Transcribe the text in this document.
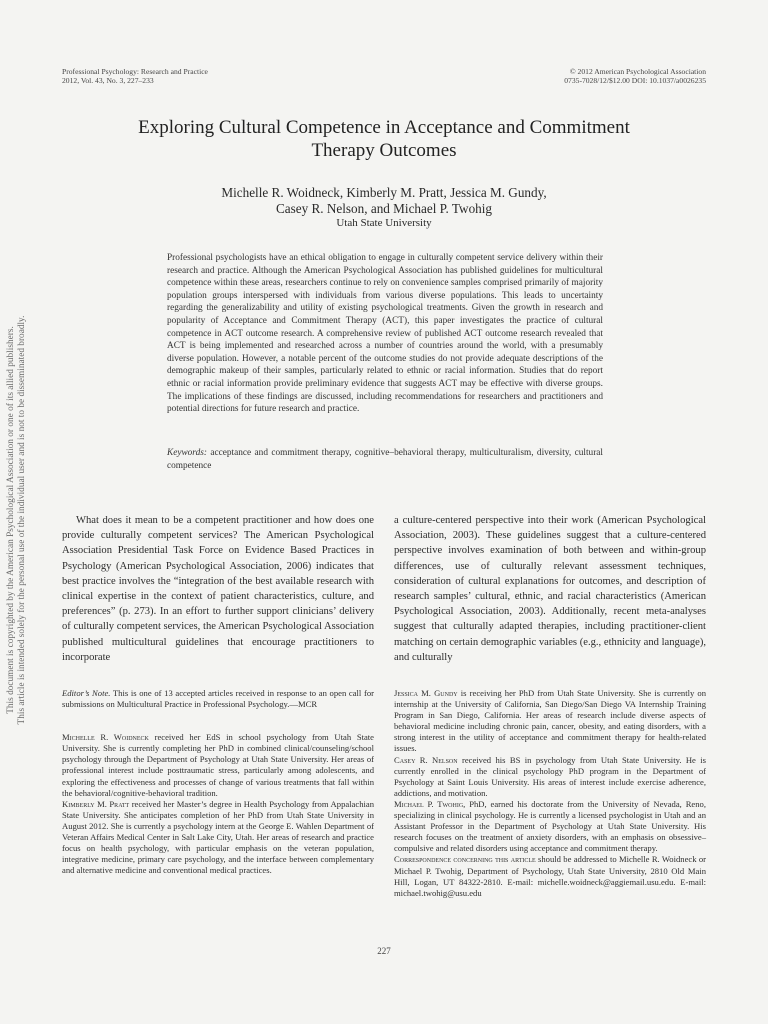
This document is copyrighted by the American Psychological Association or one of its allied publishers. This article is intended solely for the personal use of the individual user and is not to be disseminated broadly.
Professional Psychology: Research and Practice
2012, Vol. 43, No. 3, 227–233
© 2012 American Psychological Association
0735-7028/12/$12.00 DOI: 10.1037/a0026235
Exploring Cultural Competence in Acceptance and Commitment
Therapy Outcomes
Michelle R. Woidneck, Kimberly M. Pratt, Jessica M. Gundy,
Casey R. Nelson, and Michael P. Twohig
Utah State University
Professional psychologists have an ethical obligation to engage in culturally competent service delivery within their research and practice. Although the American Psychological Association has published guidelines for multicultural competence within these areas, researchers continue to rely on convenience samples comprised primarily of majority population groups interspersed with individuals from various diverse populations. This leads to uncertainty regarding the generalizability and utility of existing psychological treatments. Given the growth in research and popularity of Acceptance and Commitment Therapy (ACT), this paper investigates the practice of cultural competence in ACT outcome research. A comprehensive review of published ACT outcome research revealed that ACT is being implemented and researched across a number of countries around the world, with a presumably diverse population. However, a notable percent of the outcome studies do not provide adequate descriptions of the demographic makeup of their samples, particularly related to ethnic or racial information. Studies that do report ethnic or racial information provide preliminary evidence that suggests ACT may be effective with diverse groups. The implications of these findings are discussed, including recommendations for researchers and practitioners and potential directions for future research and practice.
Keywords: acceptance and commitment therapy, cognitive–behavioral therapy, multiculturalism, diversity, cultural competence
What does it mean to be a competent practitioner and how does one provide culturally competent services? The American Psychological Association Presidential Task Force on Evidence Based Practices in Psychology (American Psychological Association, 2006) indicates that best practice involves the “integration of the best available research with clinical expertise in the context of patient characteristics, culture, and preferences” (p. 273). In an effort to further support clinicians’ delivery of culturally competent services, the American Psychological Association published multicultural guidelines that encourage practitioners to incorporate
a culture-centered perspective into their work (American Psychological Association, 2003). These guidelines suggest that a culture-centered perspective involves examination of both between and within-group differences, use of culturally relevant assessment techniques, consideration of cultural explanations for outcomes, and description of research samples’ cultural, ethnic, and racial characteristics (American Psychological Association, 2003). Additionally, recent meta-analyses suggest that culturally adapted therapies, including practitioner-client matching on certain demographic variables (e.g., ethnicity and language), and culturally

Editor’s Note. This is one of 13 accepted articles received in response to an open call for submissions on Multicultural Practice in Professional Psychology.—MCR

Michelle R. Woidneck received her EdS in school psychology from Utah State University. She is currently completing her PhD in combined clinical/counseling/school psychology through the Department of Psychology at Utah State University. Her areas of professional interest include posttraumatic stress, particularly among adolescents, and exploring the effectiveness and processes of change of various treatments that fall within the behavioral/cognitive-behavioral tradition.

Kimberly M. Pratt received her Master’s degree in Health Psychology from Appalachian State University. She anticipates completion of her PhD from Utah State University in August 2012. She is currently a psychology intern at the George E. Wahlen Department of Veteran Affairs Medical Center in Salt Lake City, Utah. Her areas of research and practice focus on health psychology, with particular emphasis on the veteran population, integrative medicine, primary care psychology, and the interface between complementary and alternative medicine and conventional medical practices.

Jessica M. Gundy is receiving her PhD from Utah State University. She is currently on internship at the University of California, San Diego/San Diego VA Internship Training Program in San Diego, California. Her areas of research include diverse aspects of behavioral medicine including chronic pain, cancer, obesity, and eating disorders, with a strong interest in the utility of acceptance and commitment therapy for health-related issues.

Casey R. Nelson received his BS in psychology from Utah State University. He is currently enrolled in the clinical psychology PhD program in the Department of Psychology at Saint Louis University. His areas of interest include exercise adherence, addictions, and motivation.

Michael P. Twohig, PhD, earned his doctorate from the University of Nevada, Reno, specializing in clinical psychology. He is currently a licensed psychologist in Utah and an Assistant Professor in the Department of Psychology at Utah State University. His research focuses on the treatment of anxiety disorders, with an emphasis on obsessive–compulsive and related disorders using acceptance and commitment therapy.

Correspondence concerning this article should be addressed to Michelle R. Woidneck or Michael P. Twohig, Department of Psychology, Utah State University, 2810 Old Main Hill, Logan, UT 84322-2810. E-mail: michelle.woidneck@aggiemail.usu.edu. E-mail: michael.twohig@usu.edu

227
